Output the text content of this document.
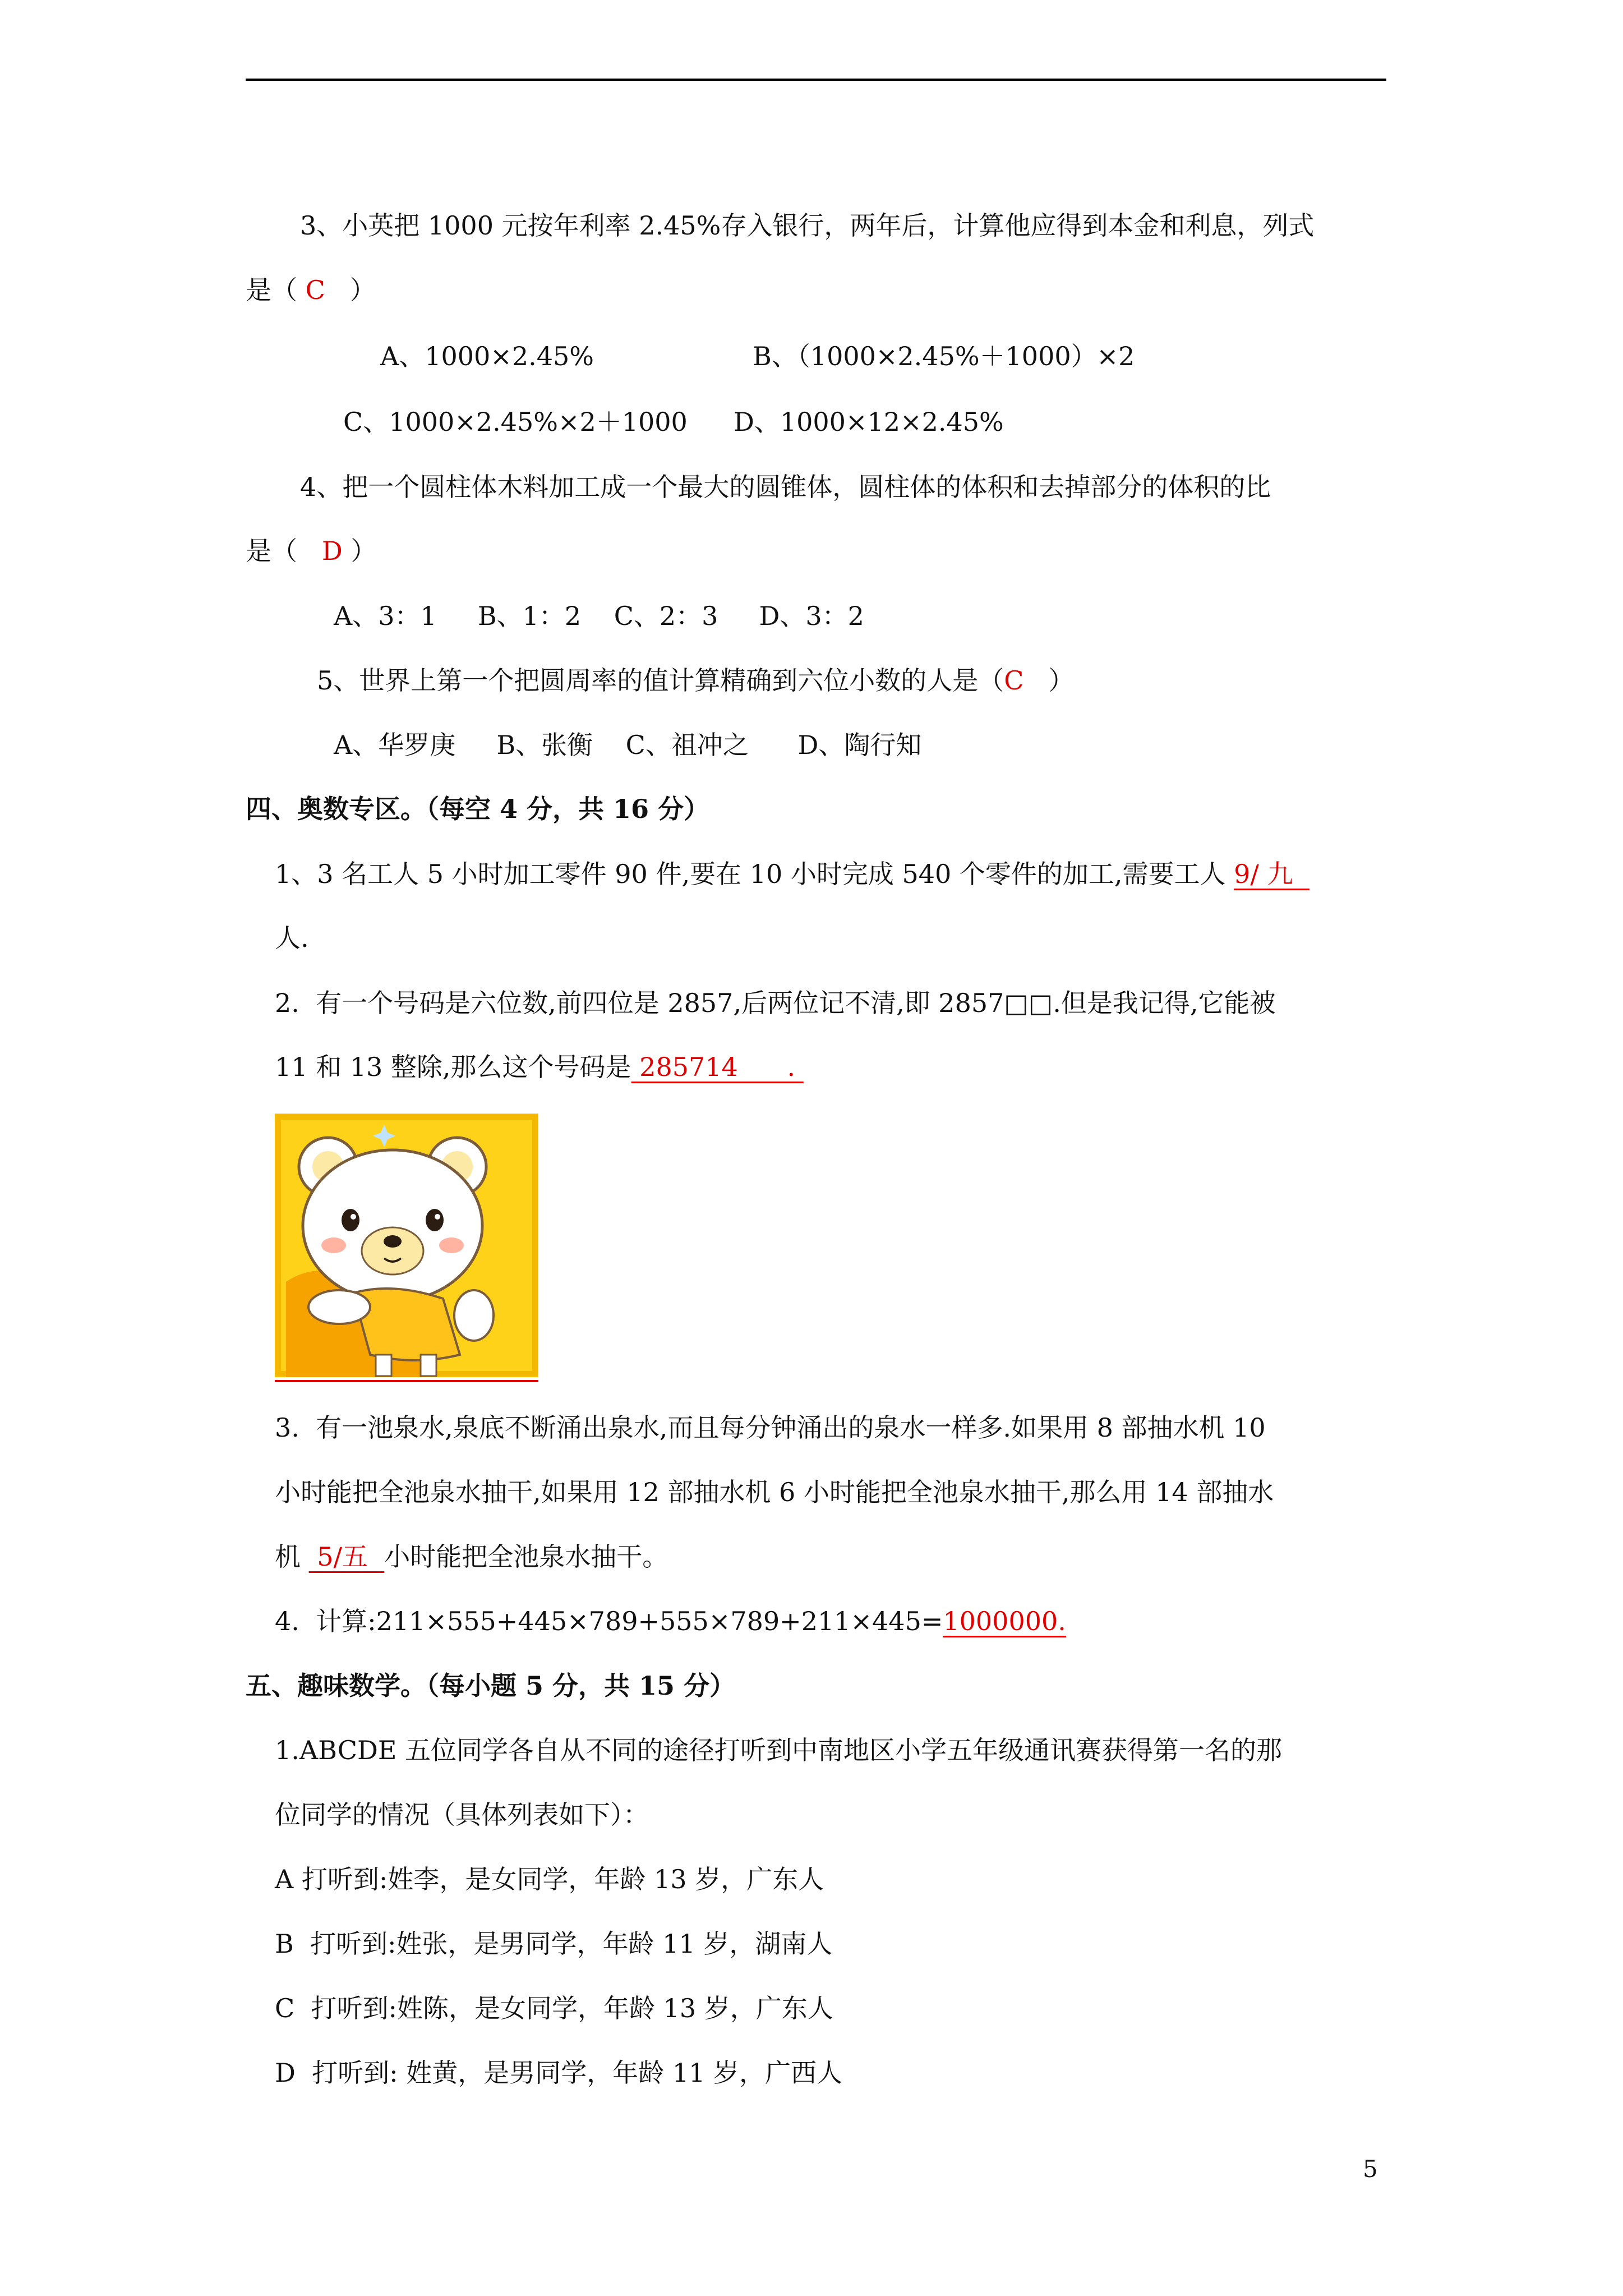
3、小英把 1000 元按年利率 2.45%存入银行，两年后，计算他应得到本金和利息，列式
是（ C   ）
A、1000×2.45%	B、（1000×2.45%＋1000）×2
C、1000×2.45%×2＋1000 D、1000×12×2.45%
4、把一个圆柱体木料加工成一个最大的圆锥体，圆柱体的体积和去掉部分的体积的比
是（   D ）
A、3：1     B、1：2    C、2：3     D、3：2
5、世界上第一个把圆周率的值计算精确到六位小数的人是（C   ）
A、华罗庚     B、张衡    C、祖冲之      D、陶行知
四、奥数专区。（每空 4 分，共 16 分）
1、3 名工人 5 小时加工零件 90 件,要在 10 小时完成 540 个零件的加工,需要工人 9/ 九
人.
2.  有一个号码是六位数,前四位是 2857,后两位记不清,即 2857□□.但是我记得,它能被
11 和 13 整除,那么这个号码是 285714      .
3.  有一池泉水,泉底不断涌出泉水,而且每分钟涌出的泉水一样多.如果用 8 部抽水机 10
小时能把全池泉水抽干,如果用 12 部抽水机 6 小时能把全池泉水抽干,那么用 14 部抽水
机  5/五  小时能把全池泉水抽干。
4.  计算:211×555+445×789+555×789+211×445=1000000.
五、趣味数学。（每小题 5 分，共 15 分）
1.ABCDE 五位同学各自从不同的途径打听到中南地区小学五年级通讯赛获得第一名的那
位同学的情况（具体列表如下）：
A 打听到:姓李，是女同学，年龄 13 岁，广东人
B  打听到:姓张，是男同学，年龄 11 岁，湖南人
C  打听到:姓陈，是女同学，年龄 13 岁，广东人
D  打听到: 姓黄，是男同学，年龄 11 岁，广西人
5
